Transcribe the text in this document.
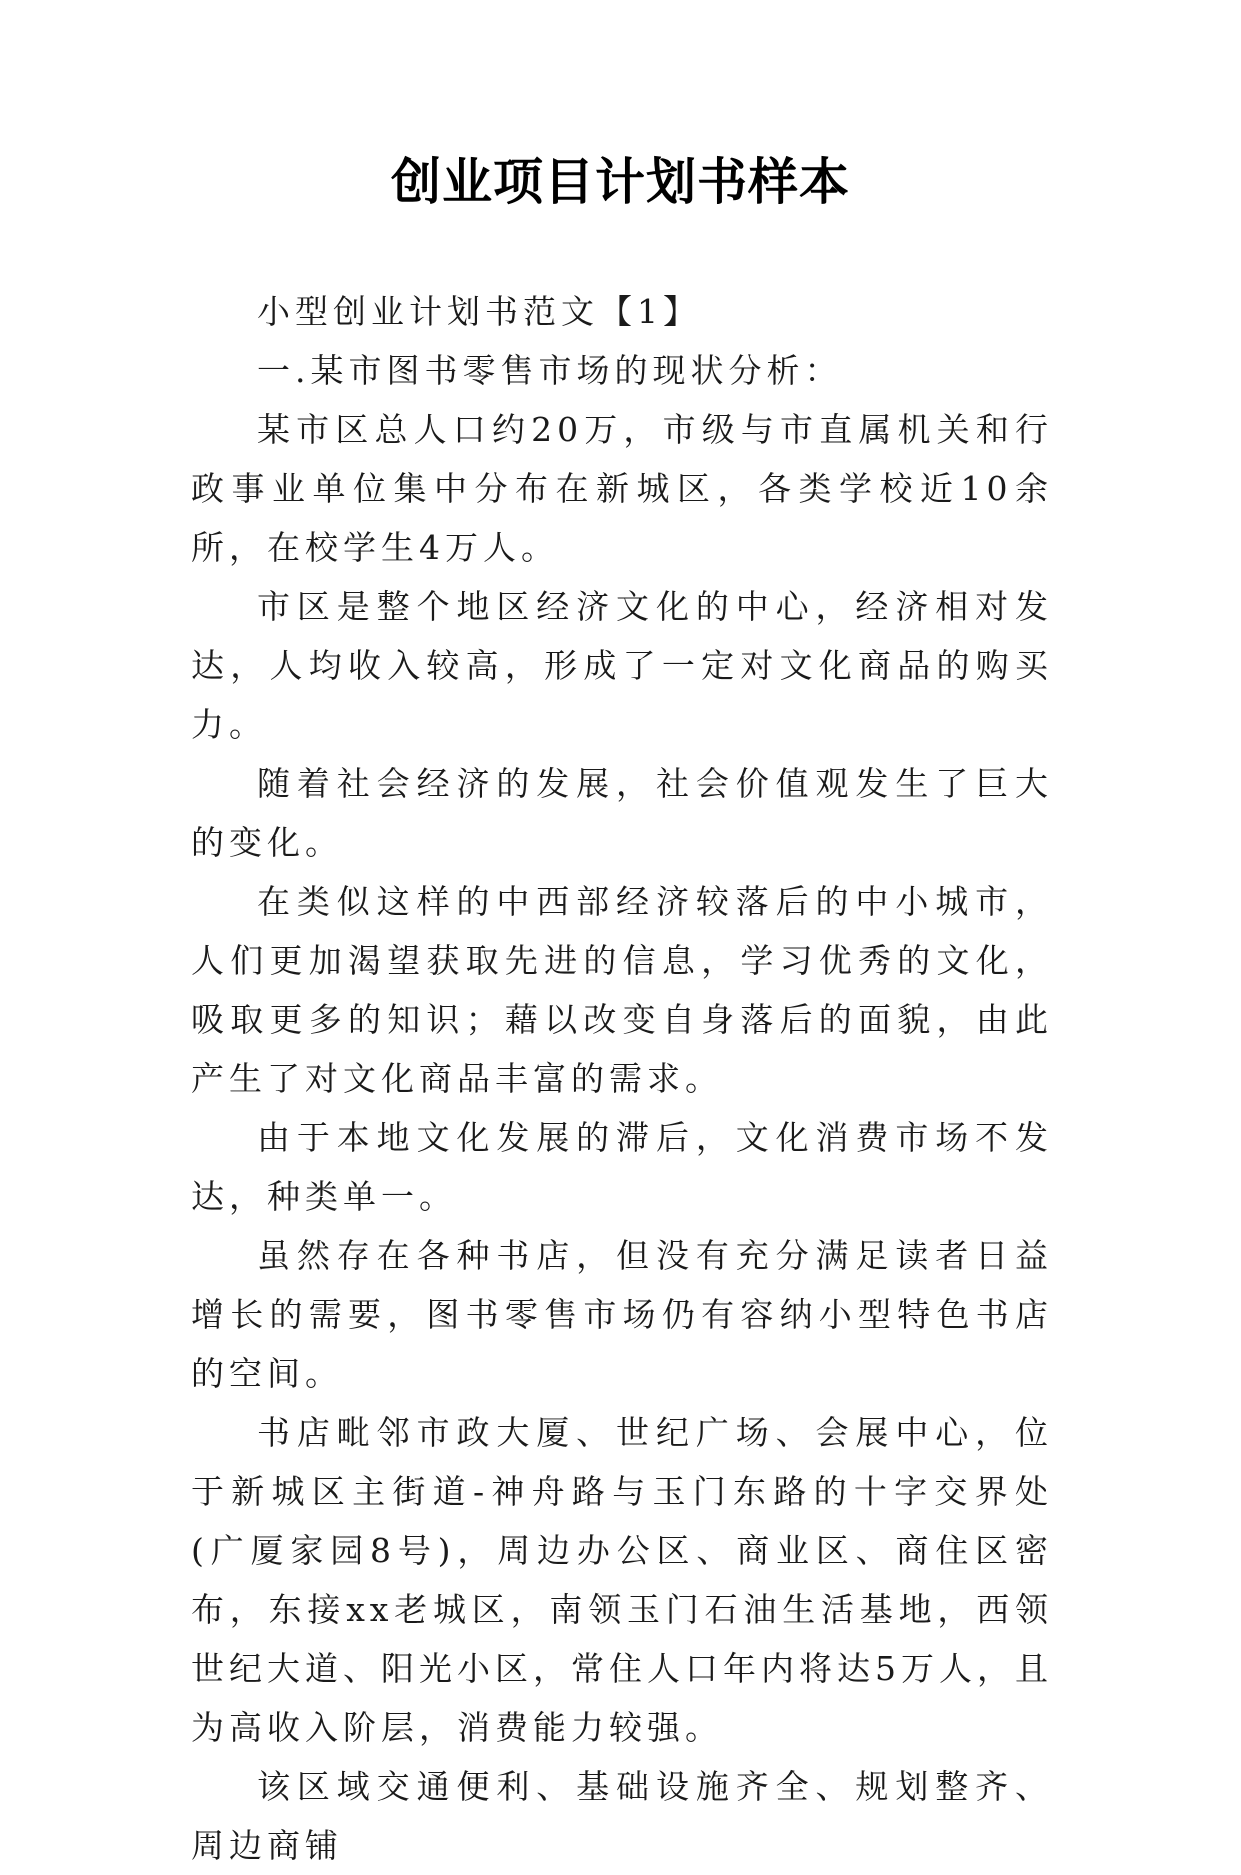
创业项目计划书样本

小型创业计划书范文【1】

一.某市图书零售市场的现状分析：

某市区总人口约20万，市级与市直属机关和行政事业单位集中分布在新城区，各类学校近10余所，在校学生4万人。

市区是整个地区经济文化的中心，经济相对发达，人均收入较高，形成了一定对文化商品的购买力。

随着社会经济的发展，社会价值观发生了巨大的变化。

在类似这样的中西部经济较落后的中小城市，人们更加渴望获取先进的信息，学习优秀的文化，吸取更多的知识；藉以改变自身落后的面貌，由此产生了对文化商品丰富的需求。

由于本地文化发展的滞后，文化消费市场不发达，种类单一。

虽然存在各种书店，但没有充分满足读者日益增长的需要，图书零售市场仍有容纳小型特色书店的空间。

书店毗邻市政大厦、世纪广场、会展中心，位于新城区主街道-神舟路与玉门东路的十字交界处(广厦家园8号)，周边办公区、商业区、商住区密布，东接xx老城区，南领玉门石油生活基地，西领世纪大道、阳光小区，常住人口年内将达5万人，且为高收入阶层，消费能力较强。

该区域交通便利、基础设施齐全、规划整齐、周边商铺
